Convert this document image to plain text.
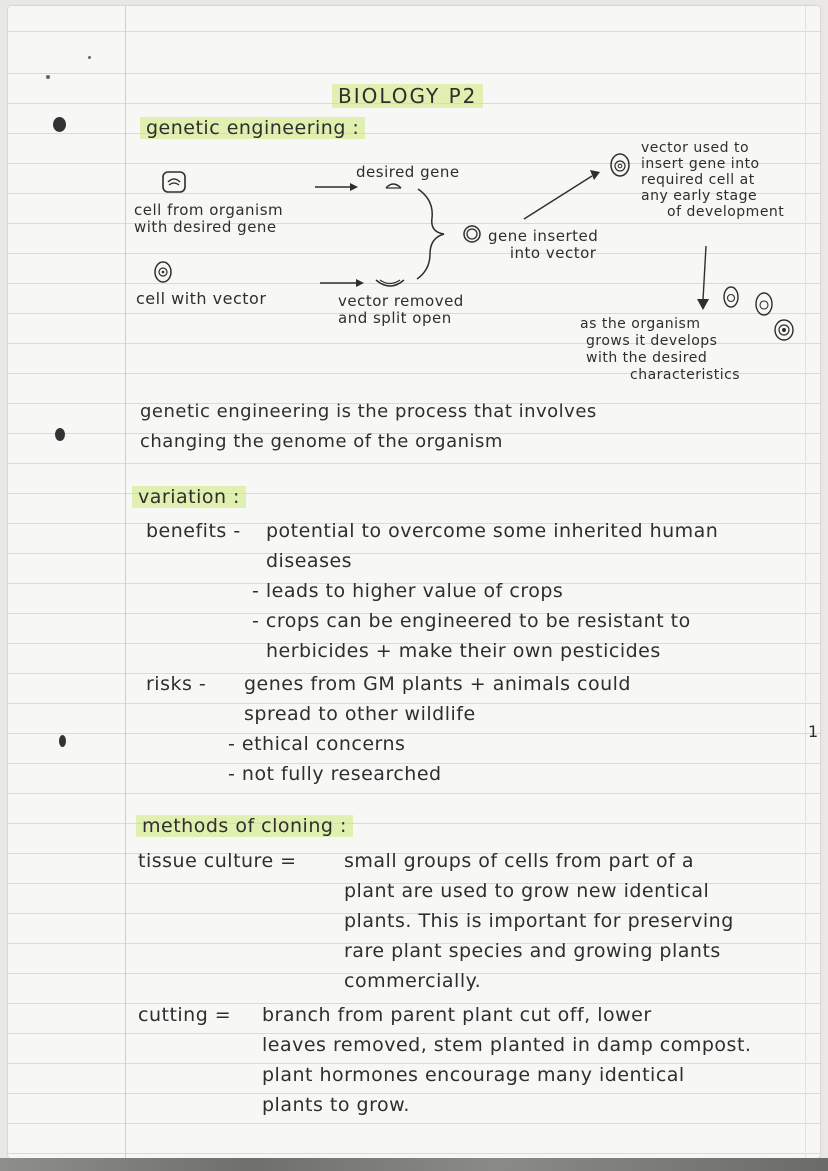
BIOLOGY P2
genetic engineering :
cell from organism
with desired gene
desired gene
cell with vector	vector removed
and split open
gene inserted
into vector
vector used to
insert gene into
required cell at
any early stage
of development
as the organism
grows it develops
with the desired
characteristics
genetic engineering is the process that involves
changing the genome of the organism
variation :
benefits - potential to overcome some inherited human
diseases
- leads to higher value of crops
- crops can be engineered to be resistant to
herbicides + make their own pesticides
risks - genes from GM plants + animals could
spread to other wildlife
- ethical concerns
- not fully researched
1
methods of cloning :
tissue culture = small groups of cells from part of a
plant are used to grow new identical
plants. This is important for preserving
rare plant species and growing plants
commercially.
cutting = branch from parent plant cut off, lower
leaves removed, stem planted in damp compost.
plant hormones encourage many identical
plants to grow.
